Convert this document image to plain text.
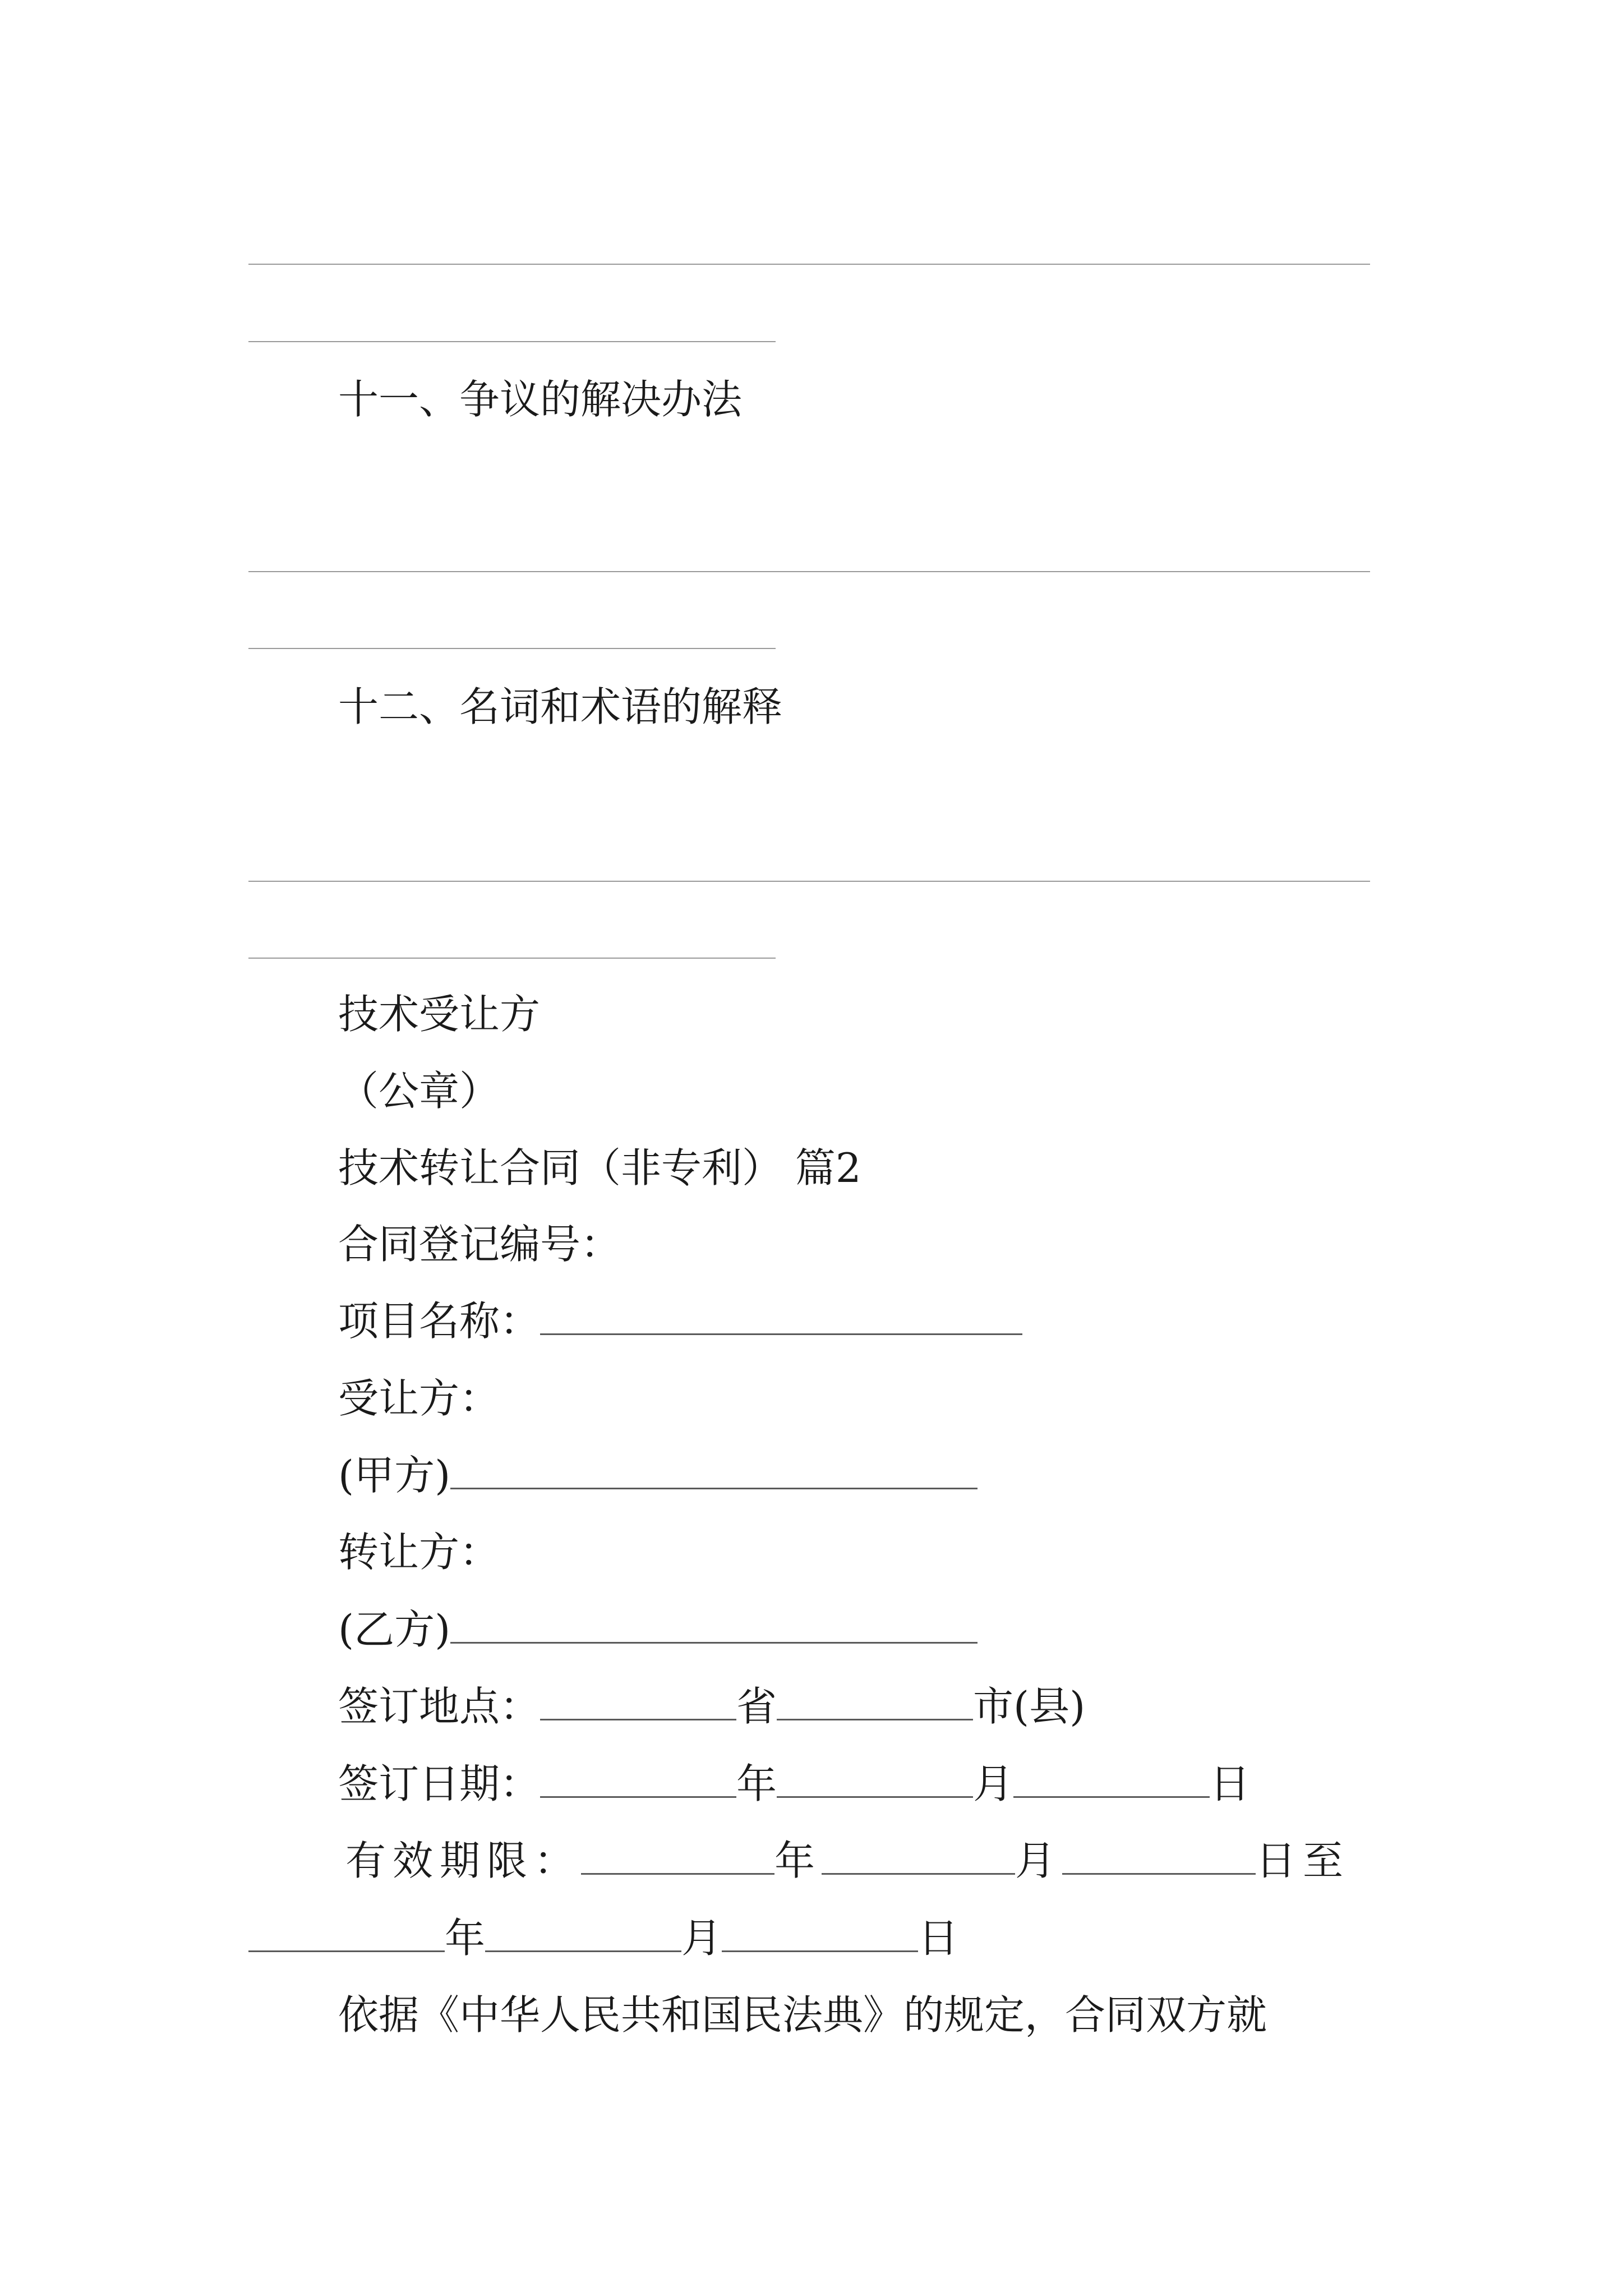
十一、争议的解决办法
十二、名词和术语的解释
技术受让方
（公章）
技术转让合同（非专利） 篇2
合同登记编号：
项目名称：
受让方：
(甲方)
转让方：
(乙方)
签订地点：	省	市(县)
签订日期：	年	月	日
有效期限：	年	月	日至
年	月	日
依据《中华人民共和国民法典》的规定，合同双方就
